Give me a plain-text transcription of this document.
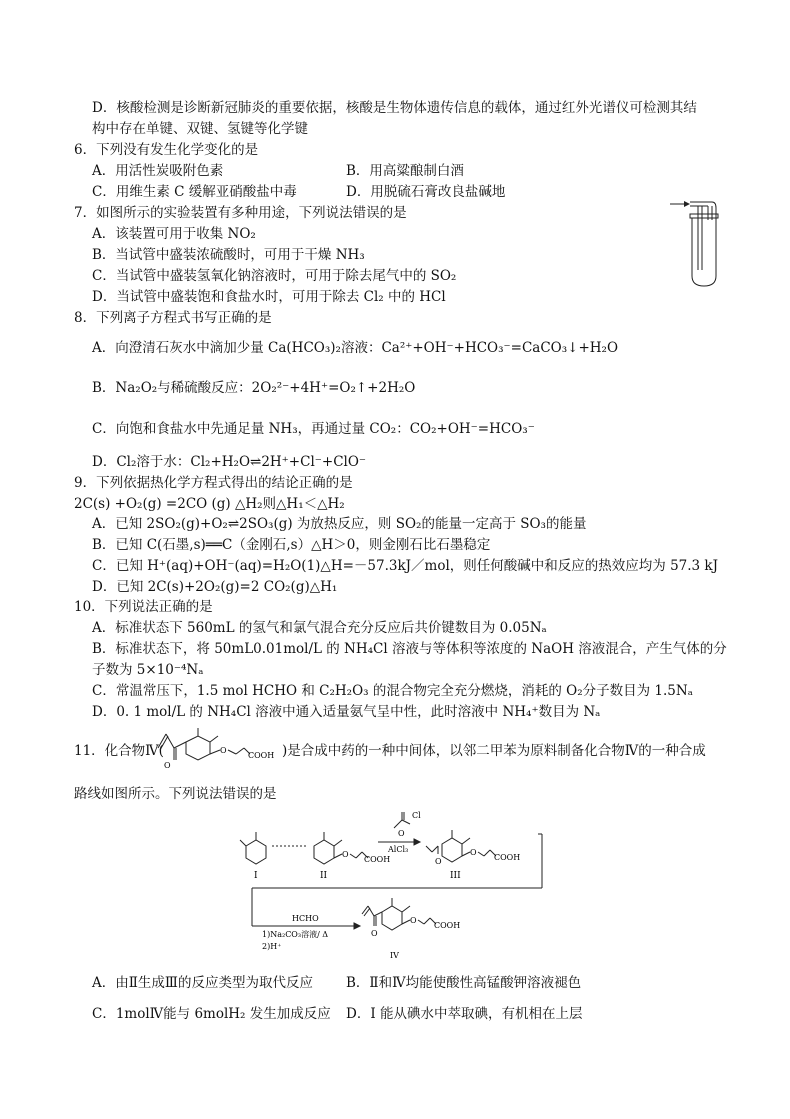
D．核酸检测是诊断新冠肺炎的重要依据，核酸是生物体遗传信息的载体，通过红外光谱仪可检测其结
构中存在单键、双键、氢键等化学键
6．下列没有发生化学变化的是
A．用活性炭吸附色素	B．用高粱酿制白酒
C．用维生素 C 缓解亚硝酸盐中毒	D．用脱硫石膏改良盐碱地
7．如图所示的实验装置有多种用途，下列说法错误的是
A．该装置可用于收集 NO₂
B．当试管中盛装浓硫酸时，可用于干燥 NH₃
C．当试管中盛装氢氧化钠溶液时，可用于除去尾气中的 SO₂
D．当试管中盛装饱和食盐水时，可用于除去 Cl₂ 中的 HCl
8．下列离子方程式书写正确的是
A．向澄清石灰水中滴加少量 Ca(HCO₃)₂溶液：Ca²⁺+OH⁻+HCO₃⁻=CaCO₃↓+H₂O
B．Na₂O₂与稀硫酸反应：2O₂²⁻+4H⁺=O₂↑+2H₂O
C．向饱和食盐水中先通足量 NH₃，再通过量 CO₂：CO₂+OH⁻=HCO₃⁻
D．Cl₂溶于水：Cl₂+H₂O⇌2H⁺+Cl⁻+ClO⁻
9．下列依据热化学方程式得出的结论正确的是
2C(s) +O₂(g) =2CO (g) △H₂则△H₁＜△H₂
A．已知 2SO₂(g)+O₂⇌2SO₃(g) 为放热反应，则 SO₂的能量一定高于 SO₃的能量
B．已知 C(石墨,s)══C（金刚石,s）△H＞0，则金刚石比石墨稳定
C．已知 H⁺(aq)+OH⁻(aq)=H₂O(1)△H=－57.3kJ／mol，则任何酸碱中和反应的热效应均为 57.3 kJ
D．已知 2C(s)+2O₂(g)=2 CO₂(g)△H₁
10．下列说法正确的是
A．标准状态下 560mL 的氢气和氯气混合充分反应后共价键数目为 0.05Nₐ
B．标准状态下，将 50mL0.01mol/L 的 NH₄Cl 溶液与等体积等浓度的 NaOH 溶液混合，产生气体的分
子数为 5×10⁻⁴Nₐ
C．常温常压下，1.5 mol HCHO 和 C₂H₂O₃ 的混合物完全充分燃烧，消耗的 O₂分子数目为 1.5Nₐ
D．0. 1 mol/L 的 NH₄Cl 溶液中通入适量氨气呈中性，此时溶液中 NH₄⁺数目为 Nₐ
11．化合物Ⅳ(
O
O
COOH )是合成中药的一种中间体，以邻二甲苯为原料制备化合物Ⅳ的一种合成
路线如图所示。下列说法错误的是
I	II
O
COOH
Cl
O
AlCl₃
O
O
COOH
III
HCHO
1)Na₂CO₃溶液/ Δ
2)H⁺
O
O
COOH
IV
A．由Ⅱ生成Ⅲ的反应类型为取代反应 B．Ⅱ和Ⅳ均能使酸性高锰酸钾溶液褪色
C．1molⅣ能与 6molH₂ 发生加成反应 D．I 能从碘水中萃取碘，有机相在上层
